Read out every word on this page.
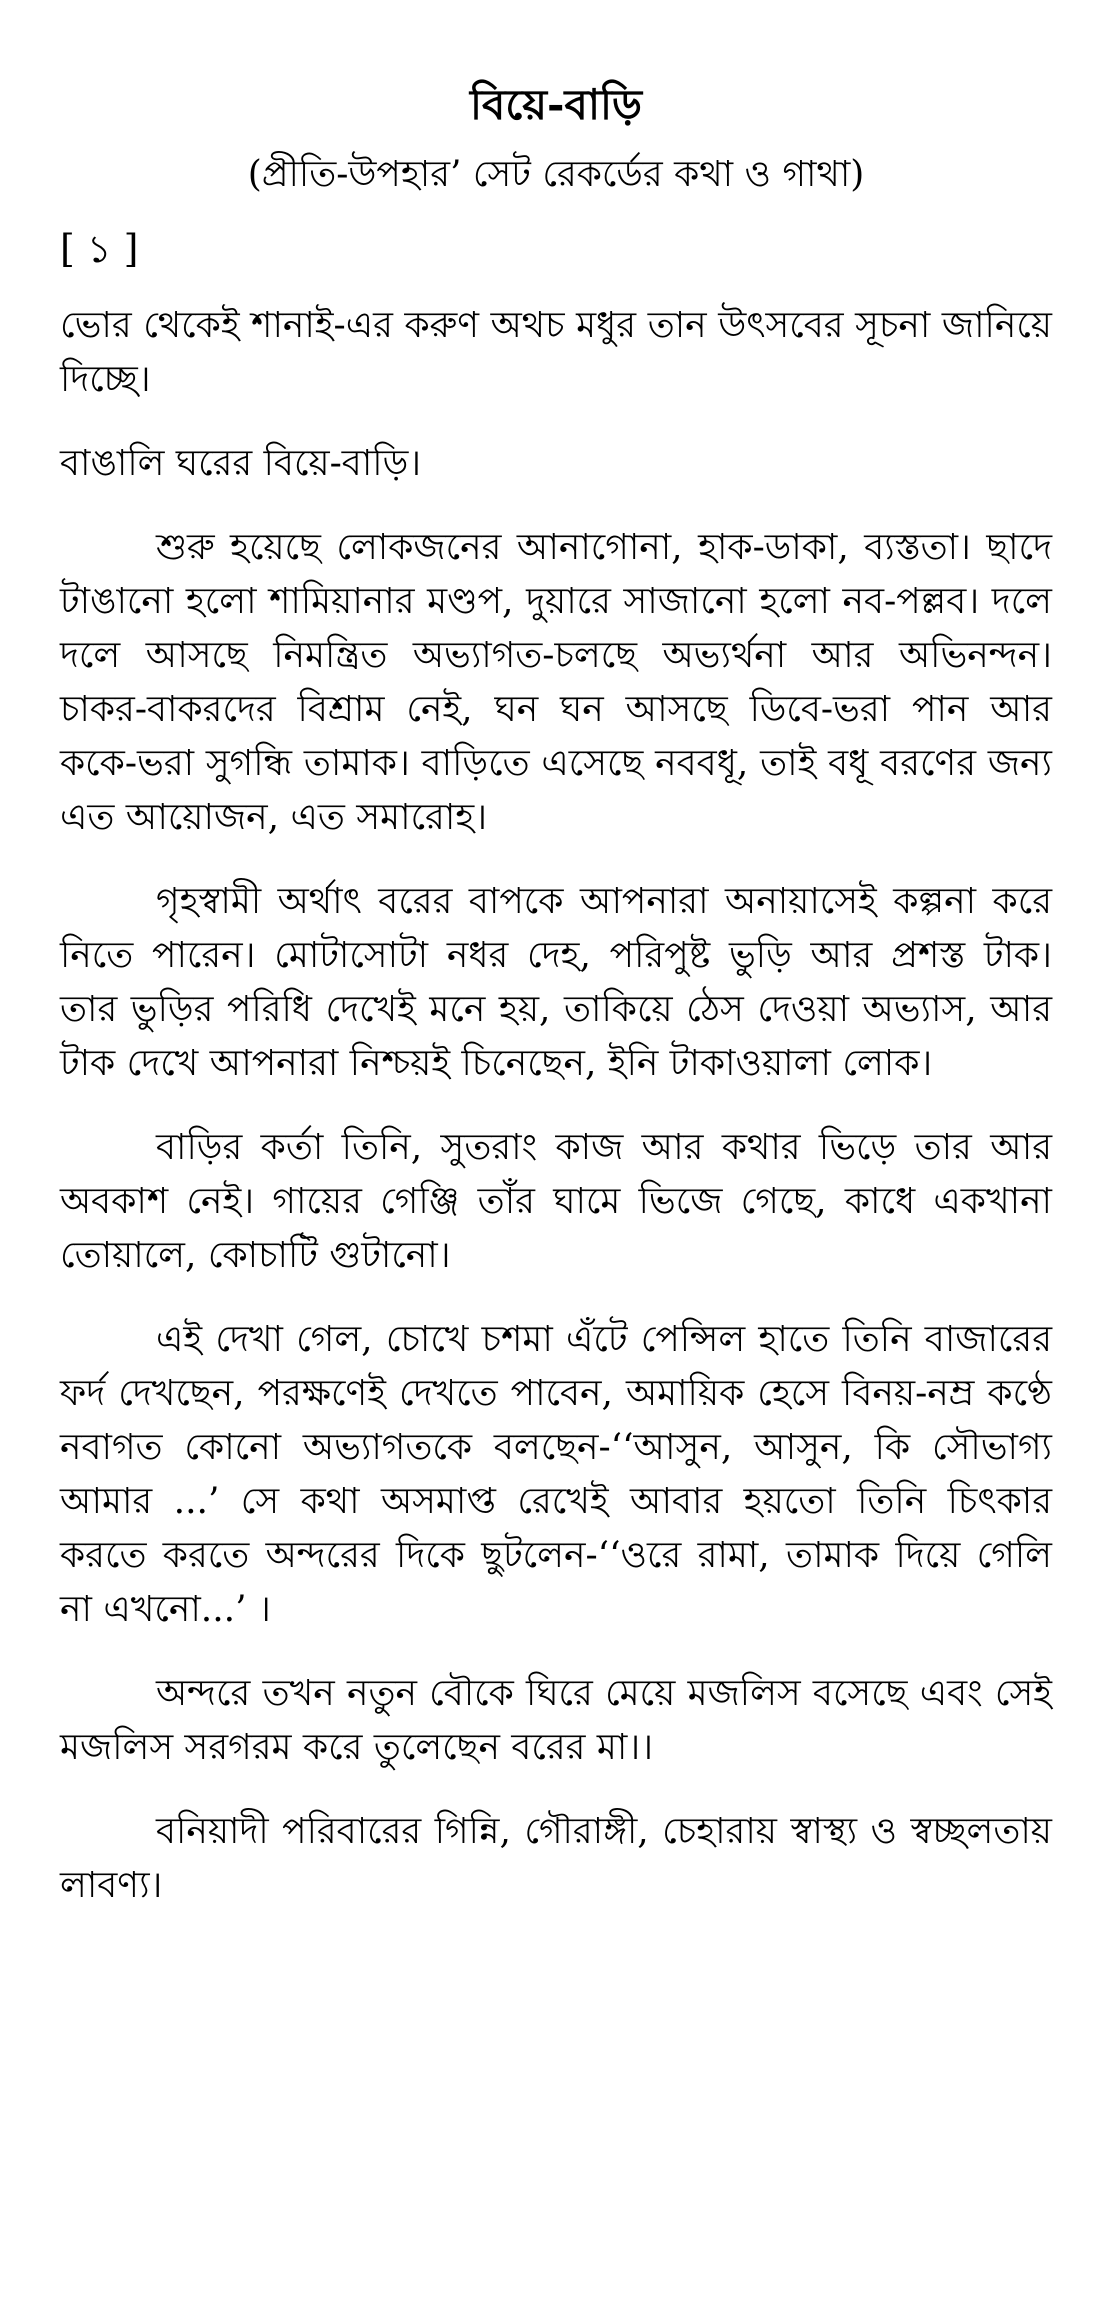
বিয়ে-বাড়ি
(প্রীতি-উপহার’ সেট রেকর্ডের কথা ও গাথা)
[ ১ ]

ভোর থেকেই শানাই-এর করুণ অথচ মধুর তান উৎসবের সূচনা জানিয়ে দিচ্ছে।

বাঙালি ঘরের বিয়ে-বাড়ি।

শুরু হয়েছে লোকজনের আনাগোনা, হাক-ডাকা, ব্যস্ততা। ছাদে টাঙানো হলো শামিয়ানার মণ্ডপ, দুয়ারে সাজানো হলো নব-পল্লব। দলে দলে আসছে নিমন্ত্রিত অভ্যাগত-চলছে অভ্যর্থনা আর অভিনন্দন। চাকর-বাকরদের বিশ্রাম নেই, ঘন ঘন আসছে ডিবে-ভরা পান আর ককে-ভরা সুগন্ধি তামাক। বাড়িতে এসেছে নববধূ, তাই বধূ বরণের জন্য এত আয়োজন, এত সমারোহ।

গৃহস্বামী অর্থাৎ বরের বাপকে আপনারা অনায়াসেই কল্পনা করে নিতে পারেন। মোটাসোটা নধর দেহ, পরিপুষ্ট ভুড়ি আর প্রশস্ত টাক। তার ভুড়ির পরিধি দেখেই মনে হয়, তাকিয়ে ঠেস দেওয়া অভ্যাস, আর টাক দেখে আপনারা নিশ্চয়ই চিনেছেন, ইনি টাকাওয়ালা লোক।

বাড়ির কর্তা তিনি, সুতরাং কাজ আর কথার ভিড়ে তার আর অবকাশ নেই। গায়ের গেঞ্জি তাঁর ঘামে ভিজে গেছে, কাধে একখানা তোয়ালে, কোচাটি গুটানো।

এই দেখা গেল, চোখে চশমা এঁটে পেন্সিল হাতে তিনি বাজারের ফর্দ দেখছেন, পরক্ষণেই দেখতে পাবেন, অমায়িক হেসে বিনয়-নম্র কণ্ঠে নবাগত কোনো অভ্যাগতকে বলছেন-‘‘আসুন, আসুন, কি সৌভাগ্য আমার ...’ সে কথা অসমাপ্ত রেখেই আবার হয়তো তিনি চিৎকার করতে করতে অন্দরের দিকে ছুটলেন-‘‘ওরে রামা, তামাক দিয়ে গেলি না এখনো...’ ।

অন্দরে তখন নতুন বৌকে ঘিরে মেয়ে মজলিস বসেছে এবং সেই মজলিস সরগরম করে তুলেছেন বরের মা।।

বনিয়াদী পরিবারের গিন্নি, গৌরাঙ্গী, চেহারায় স্বাস্থ্য ও স্বচ্ছলতায় লাবণ্য।
